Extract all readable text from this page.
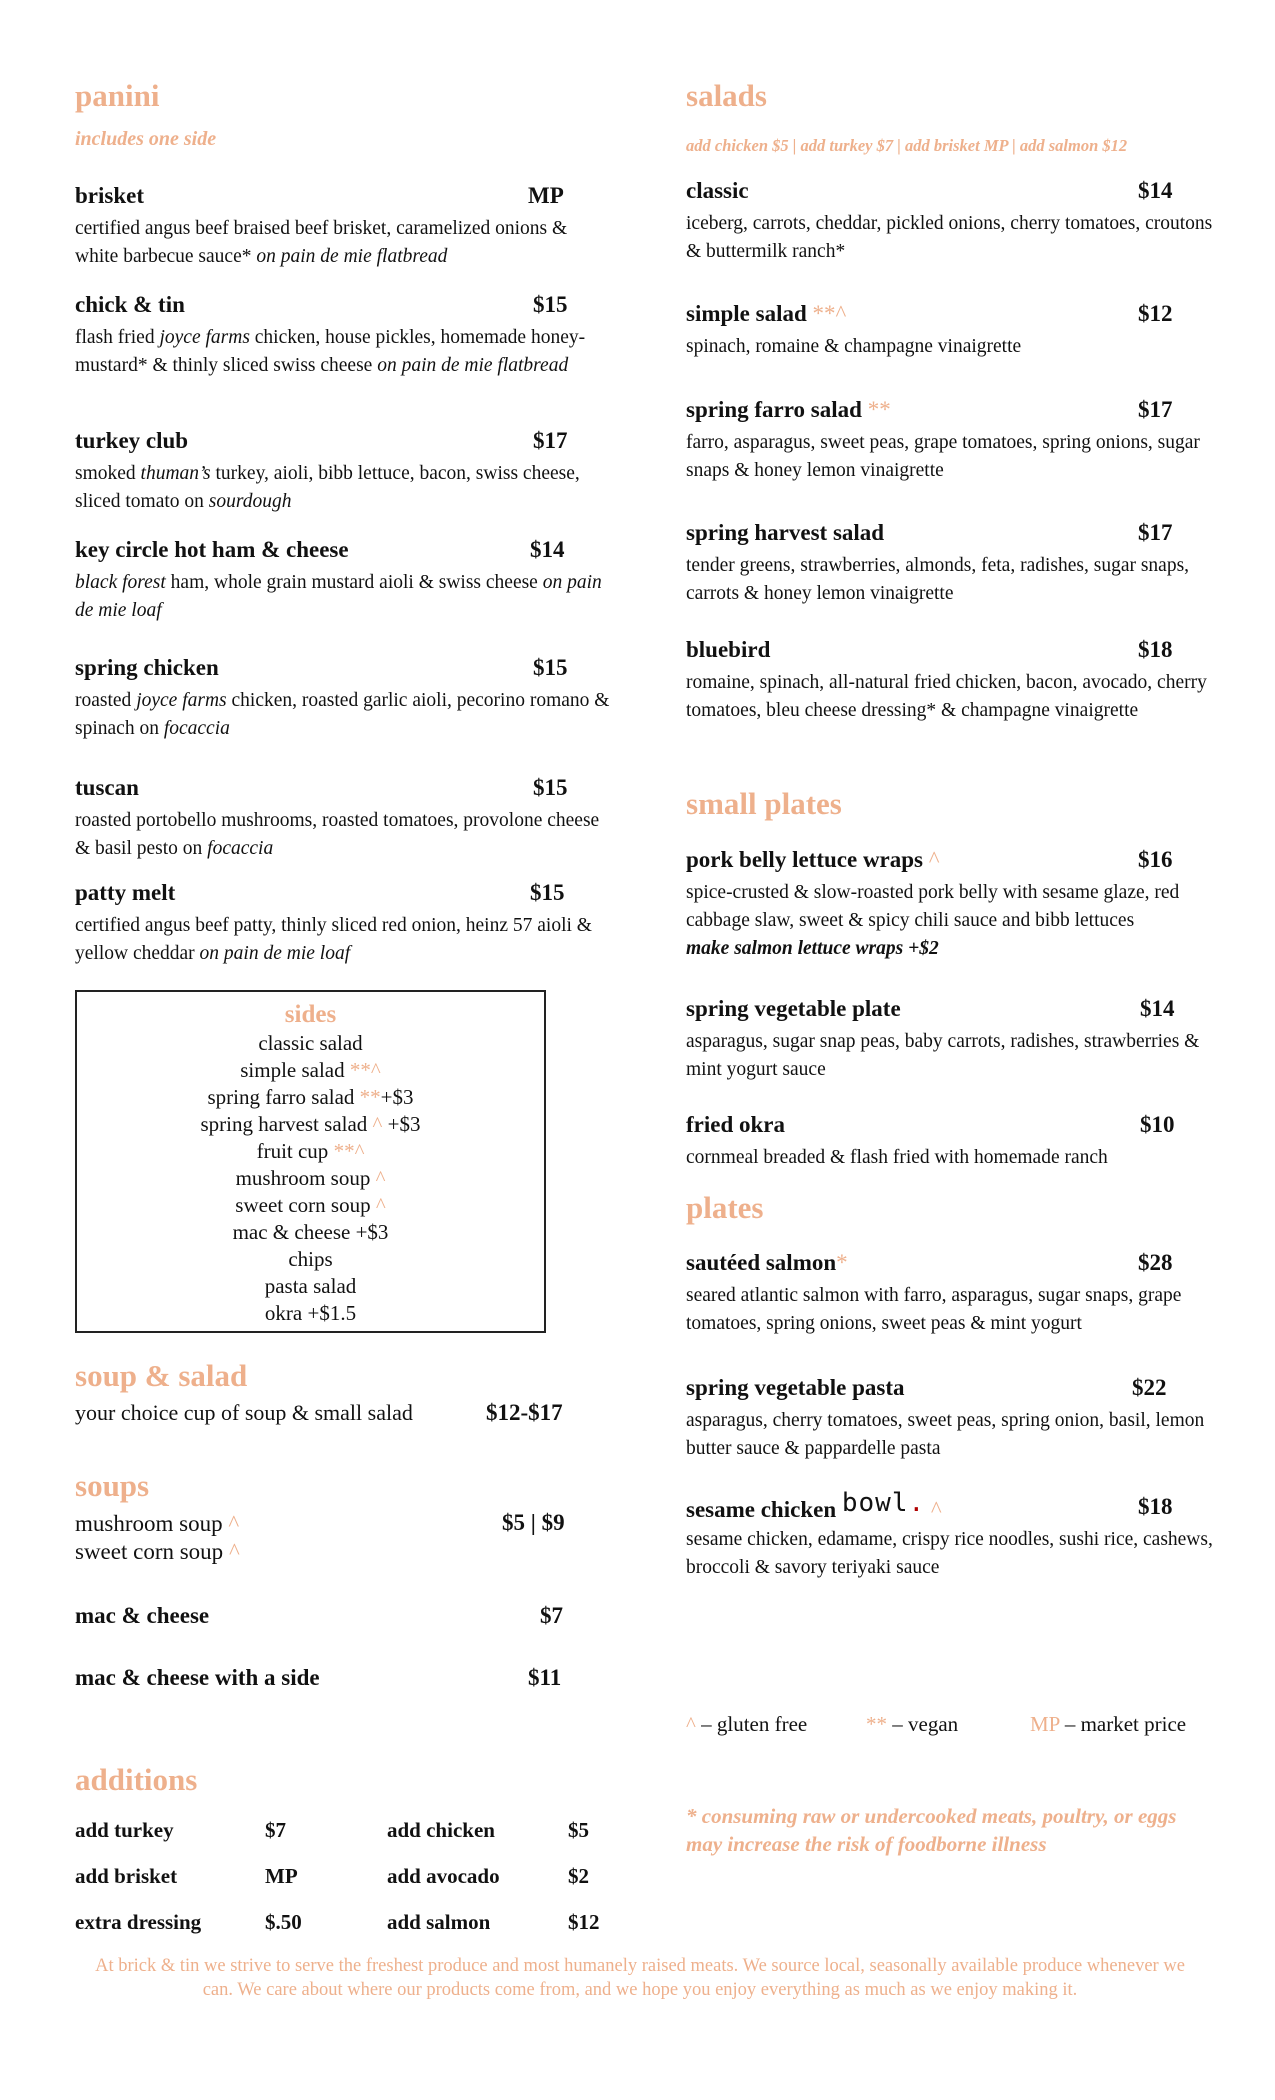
panini
includes one side
brisket	MP
certified angus beef braised beef brisket, caramelized onions & white barbecue sauce* on pain de mie flatbread
chick & tin	$15
flash fried joyce farms chicken, house pickles, homemade honey-mustard* & thinly sliced swiss cheese on pain de mie flatbread
turkey club	$17
smoked thuman’s turkey, aioli, bibb lettuce, bacon, swiss cheese, sliced tomato on sourdough
key circle hot ham & cheese	$14
black forest ham, whole grain mustard aioli & swiss cheese on pain de mie loaf
spring chicken	$15
roasted joyce farms chicken, roasted garlic aioli, pecorino romano & spinach on focaccia
tuscan	$15
roasted portobello mushrooms, roasted tomatoes, provolone cheese & basil pesto on focaccia
patty melt	$15
certified angus beef patty, thinly sliced red onion, heinz 57 aioli & yellow cheddar on pain de mie loaf
sides
classic salad
simple salad **^
spring farro salad **+$3
spring harvest salad ^ +$3
fruit cup **^
mushroom soup ^
sweet corn soup ^
mac & cheese +$3
chips
pasta salad
okra +$1.5
soup & salad
your choice cup of soup & small salad	$12-$17
soups
mushroom soup ^
sweet corn soup ^
$5 | $9
mac & cheese	$7
mac & cheese with a side	$11
additions
add turkey	$7	add chicken	$5
add brisket	MP	add avocado	$2
extra dressing	$.50	add salmon	$12
salads
add chicken $5 | add turkey $7 | add brisket MP | add salmon $12
classic	$14
iceberg, carrots, cheddar, pickled onions, cherry tomatoes, croutons & buttermilk ranch*
simple salad **^	$12
spinach, romaine & champagne vinaigrette
spring farro salad **	$17
farro, asparagus, sweet peas, grape tomatoes, spring onions, sugar snaps & honey lemon vinaigrette
spring harvest salad	$17
tender greens, strawberries, almonds, feta, radishes, sugar snaps, carrots & honey lemon vinaigrette
bluebird	$18
romaine, spinach, all-natural fried chicken, bacon, avocado, cherry tomatoes, bleu cheese dressing* & champagne vinaigrette
small plates
pork belly lettuce wraps ^	$16
spice-crusted & slow-roasted pork belly with sesame glaze, red cabbage slaw, sweet & spicy chili sauce and bibb lettuces
make salmon lettuce wraps +$2
spring vegetable plate	$14
asparagus, sugar snap peas, baby carrots, radishes, strawberries & mint yogurt sauce
fried okra	$10
cornmeal breaded & flash fried with homemade ranch
plates
sautéed salmon*	$28
seared atlantic salmon with farro, asparagus, sugar snaps, grape tomatoes, spring onions, sweet peas & mint yogurt
spring vegetable pasta	$22
asparagus, cherry tomatoes, sweet peas, spring onion, basil, lemon butter sauce & pappardelle pasta
sesame chicken bowl. ^	$18
sesame chicken, edamame, crispy rice noodles, sushi rice, cashews, broccoli & savory teriyaki sauce
^ – gluten free	** – vegan	MP – market price
* consuming raw or undercooked meats, poultry, or eggs may increase the risk of foodborne illness
At brick & tin we strive to serve the freshest produce and most humanely raised meats. We source local, seasonally available produce whenever we can. We care about where our products come from, and we hope you enjoy everything as much as we enjoy making it.
